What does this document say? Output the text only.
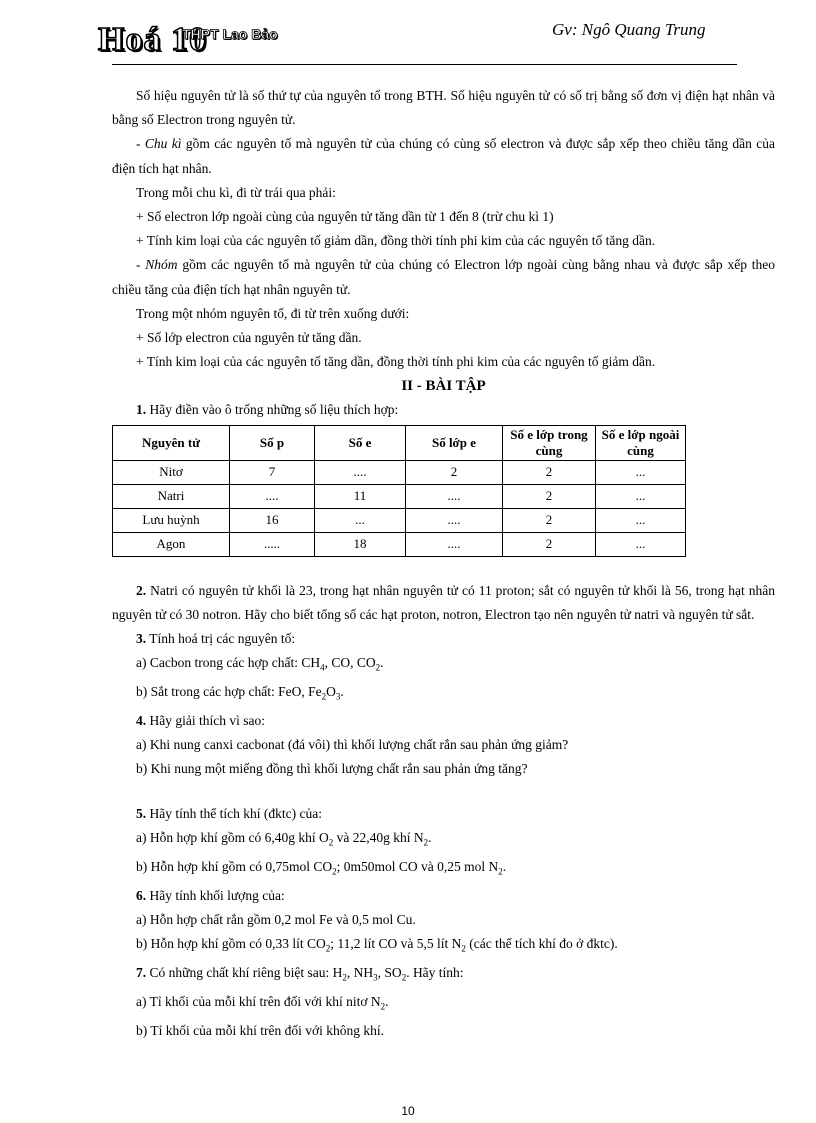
Hoá 10
THPT Lao Bảo	Gv: Ngô Quang Trung

Số hiệu nguyên tử là số thứ tự của nguyên tố trong BTH. Số hiệu nguyên tử có số trị bằng số đơn vị điện hạt nhân và bằng số Electron trong nguyên tử.

- Chu kì gồm các nguyên tố mà nguyên tử của chúng có cùng số electron và được sắp xếp theo chiều tăng dần của điện tích hạt nhân.

Trong mỗi chu kì, đi từ trái qua phải:

+ Số electron lớp ngoài cùng của nguyên tử tăng dần từ 1 đến 8 (trừ chu kì 1)

+ Tính kim loại của các nguyên tố giảm dần, đồng thời tính phi kim của các nguyên tố tăng dần.

- Nhóm gồm các nguyên tố mà nguyên tử của chúng có Electron lớp ngoài cùng bằng nhau và được sắp xếp theo chiều tăng của điện tích hạt nhân nguyên tử.

Trong một nhóm nguyên tố, đi từ trên xuống dưới:

+ Số lớp electron của nguyên tử tăng dần.

+ Tính kim loại của các nguyên tố tăng dần, đồng thời tính phi kim của các nguyên tố giảm dần.

II - BÀI TẬP

1. Hãy điền vào ô trống những số liệu thích hợp:

Nguyên tử	Số p	Số e	Số lớp e	Số e lớp trong cùng	Số e lớp ngoài cùng
Nitơ	7	....	2	2	...
Natri	....	11	....	2	...
Lưu huỳnh	16	...	....	2	...
Agon	.....	18	....	2	...

2. Natri có nguyên tử khối là 23, trong hạt nhân nguyên tử có 11 proton; sắt có nguyên tử khối là 56, trong hạt nhân nguyên tử có 30 notron. Hãy cho biết tổng số các hạt proton, notron, Electron tạo nên nguyên tử natri và nguyên tử sắt.

3. Tính hoá trị các nguyên tố:

a) Cacbon trong các hợp chất: $CH_4$, CO, $CO_2$.

b) Sắt trong các hợp chất: FeO, $Fe_2O_3$.

4. Hãy giải thích vì sao:

a) Khi nung canxi cacbonat (đá vôi) thì khối lượng chất rắn sau phản ứng giảm?

b) Khi nung một miếng đồng thì khối lượng chất rắn sau phản ứng tăng?

5. Hãy tính thể tích khí (đktc) của:

a) Hỗn hợp khí gồm có 6,40g khí $O_2$ và 22,40g khí $N_2$.

b) Hỗn hợp khí gồm có 0,75mol $CO_2$; 0m50mol CO và 0,25 mol $N_2$.

6. Hãy tính khối lượng của:

a) Hỗn hợp chất rắn gồm 0,2 mol Fe và 0,5 mol Cu.

b) Hỗn hợp khí gồm có 0,33 lít $CO_2$; 11,2 lít CO và 5,5 lít $N_2$ (các thể tích khí đo ở đktc).

7. Có những chất khí riêng biệt sau: $H_2$, $NH_3$, $SO_2$. Hãy tính:

a) Tỉ khối của mỗi khí trên đối với khí nitơ $N_2$.

b) Tỉ khối của mỗi khí trên đối với không khí.

10
